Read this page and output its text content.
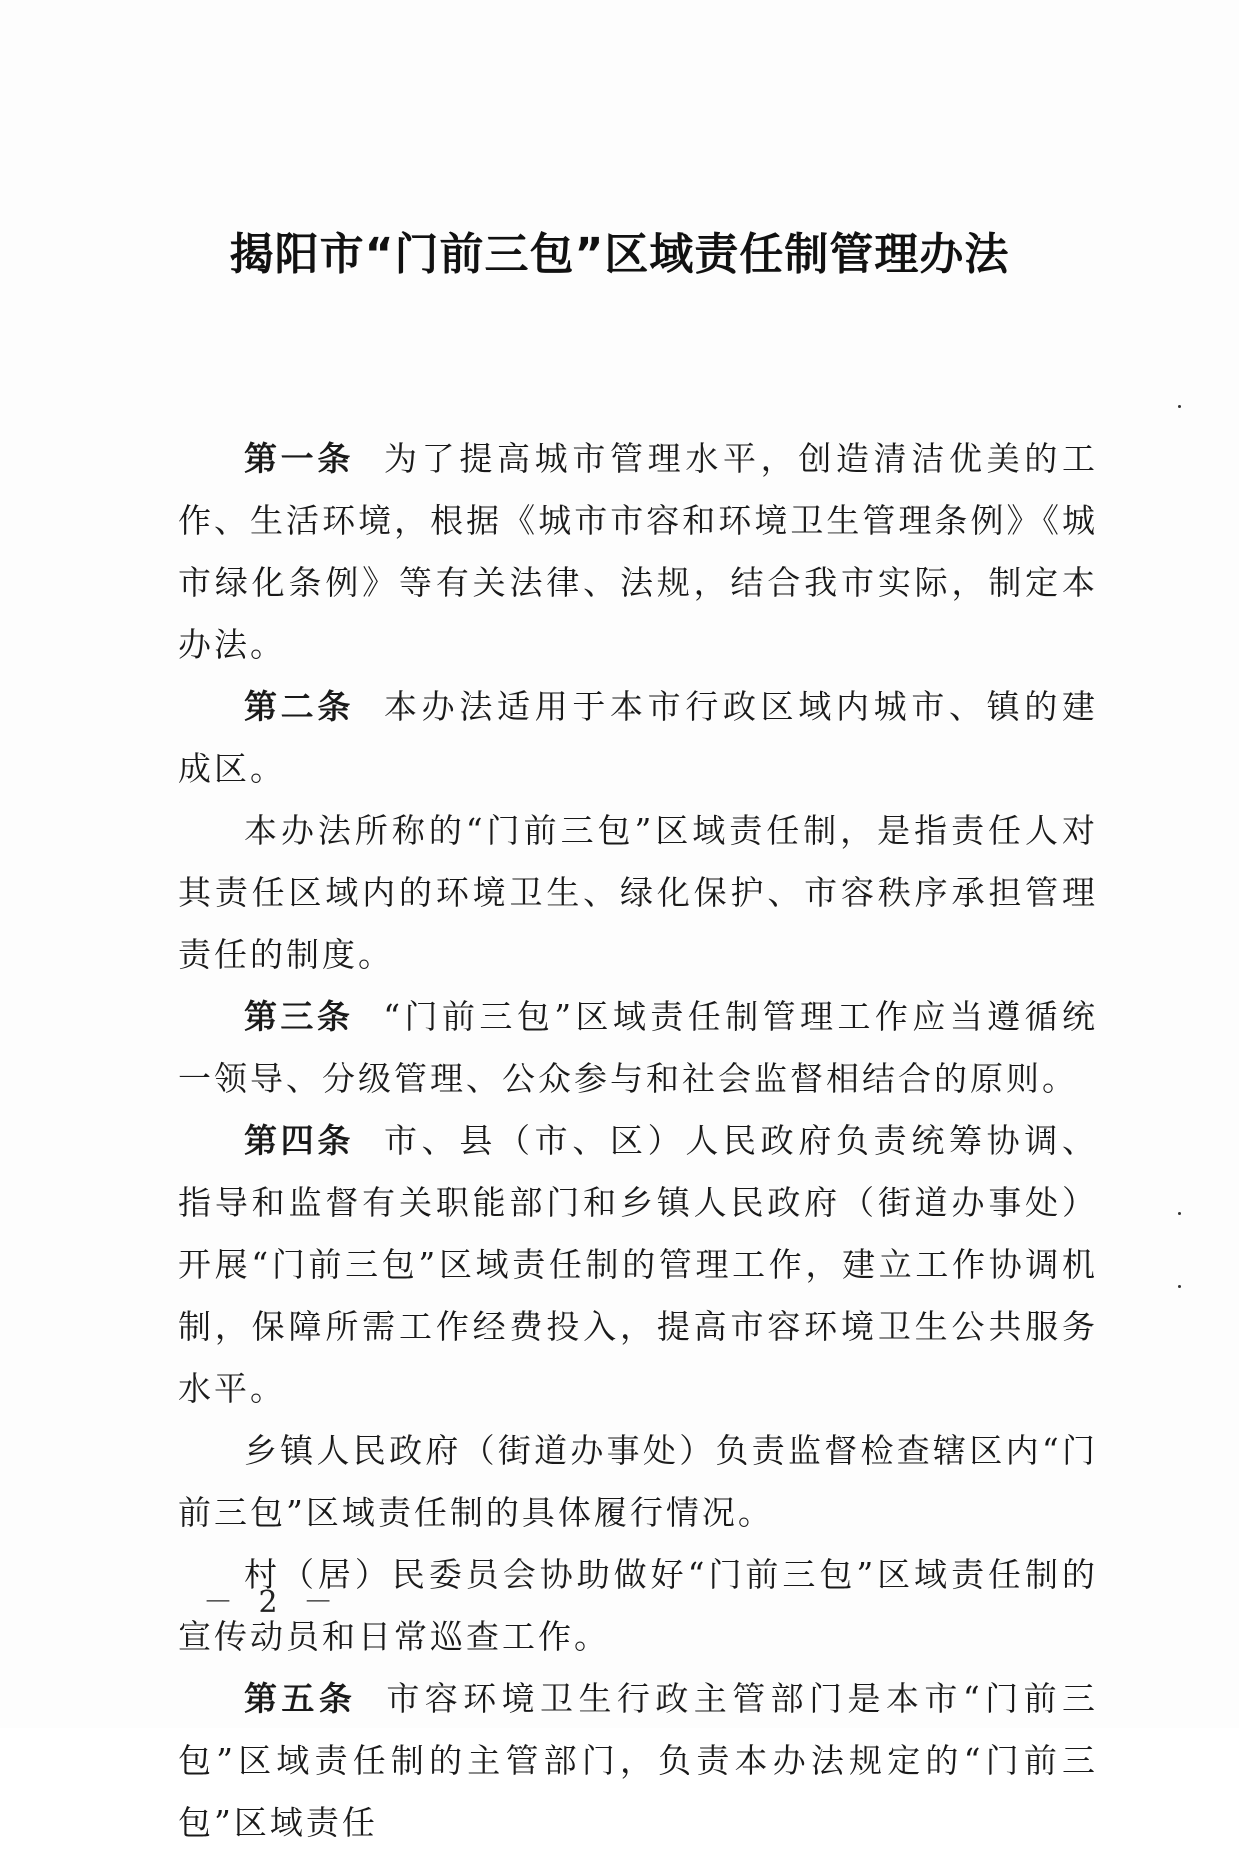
揭阳市“门前三包”区域责任制管理办法

第一条 为了提高城市管理水平，创造清洁优美的工作、生活环境，根据《城市市容和环境卫生管理条例》《城市绿化条例》等有关法律、法规，结合我市实际，制定本办法。

第二条 本办法适用于本市行政区域内城市、镇的建成区。

本办法所称的“门前三包”区域责任制，是指责任人对其责任区域内的环境卫生、绿化保护、市容秩序承担管理责任的制度。

第三条 “门前三包”区域责任制管理工作应当遵循统一领导、分级管理、公众参与和社会监督相结合的原则。

第四条 市、县（市、区）人民政府负责统筹协调、指导和监督有关职能部门和乡镇人民政府（街道办事处）开展“门前三包”区域责任制的管理工作，建立工作协调机制，保障所需工作经费投入，提高市容环境卫生公共服务水平。

乡镇人民政府（街道办事处）负责监督检查辖区内“门前三包”区域责任制的具体履行情况。

村（居）民委员会协助做好“门前三包”区域责任制的宣传动员和日常巡查工作。

第五条 市容环境卫生行政主管部门是本市“门前三包”区域责任制的主管部门，负责本办法规定的“门前三包”区域责任

－ 2 －
